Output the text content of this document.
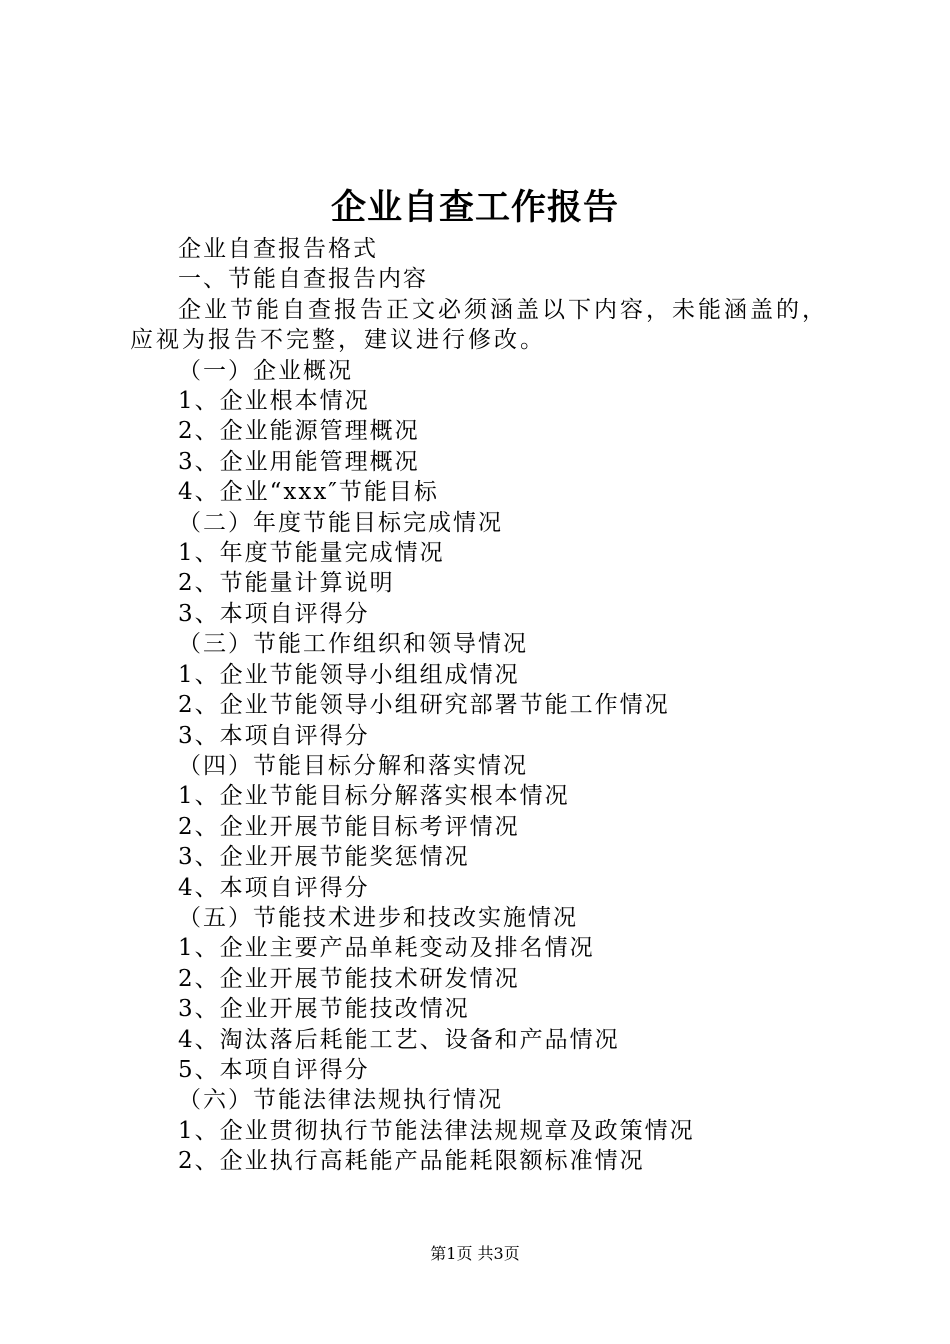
企业自查工作报告

企业自查报告格式

一、节能自查报告内容

企业节能自查报告正文必须涵盖以下内容，未能涵盖的，应视为报告不完整，建议进行修改。

（一）企业概况

1、企业根本情况

2、企业能源管理概况

3、企业用能管理概况

4、企业“xxx″节能目标

（二）年度节能目标完成情况

1、年度节能量完成情况

2、节能量计算说明

3、本项自评得分

（三）节能工作组织和领导情况

1、企业节能领导小组组成情况

2、企业节能领导小组研究部署节能工作情况

3、本项自评得分

（四）节能目标分解和落实情况

1、企业节能目标分解落实根本情况

2、企业开展节能目标考评情况

3、企业开展节能奖惩情况

4、本项自评得分

（五）节能技术进步和技改实施情况

1、企业主要产品单耗变动及排名情况

2、企业开展节能技术研发情况

3、企业开展节能技改情况

4、淘汰落后耗能工艺、设备和产品情况

5、本项自评得分

（六）节能法律法规执行情况

1、企业贯彻执行节能法律法规规章及政策情况

2、企业执行高耗能产品能耗限额标准情况

第1页 共3页
